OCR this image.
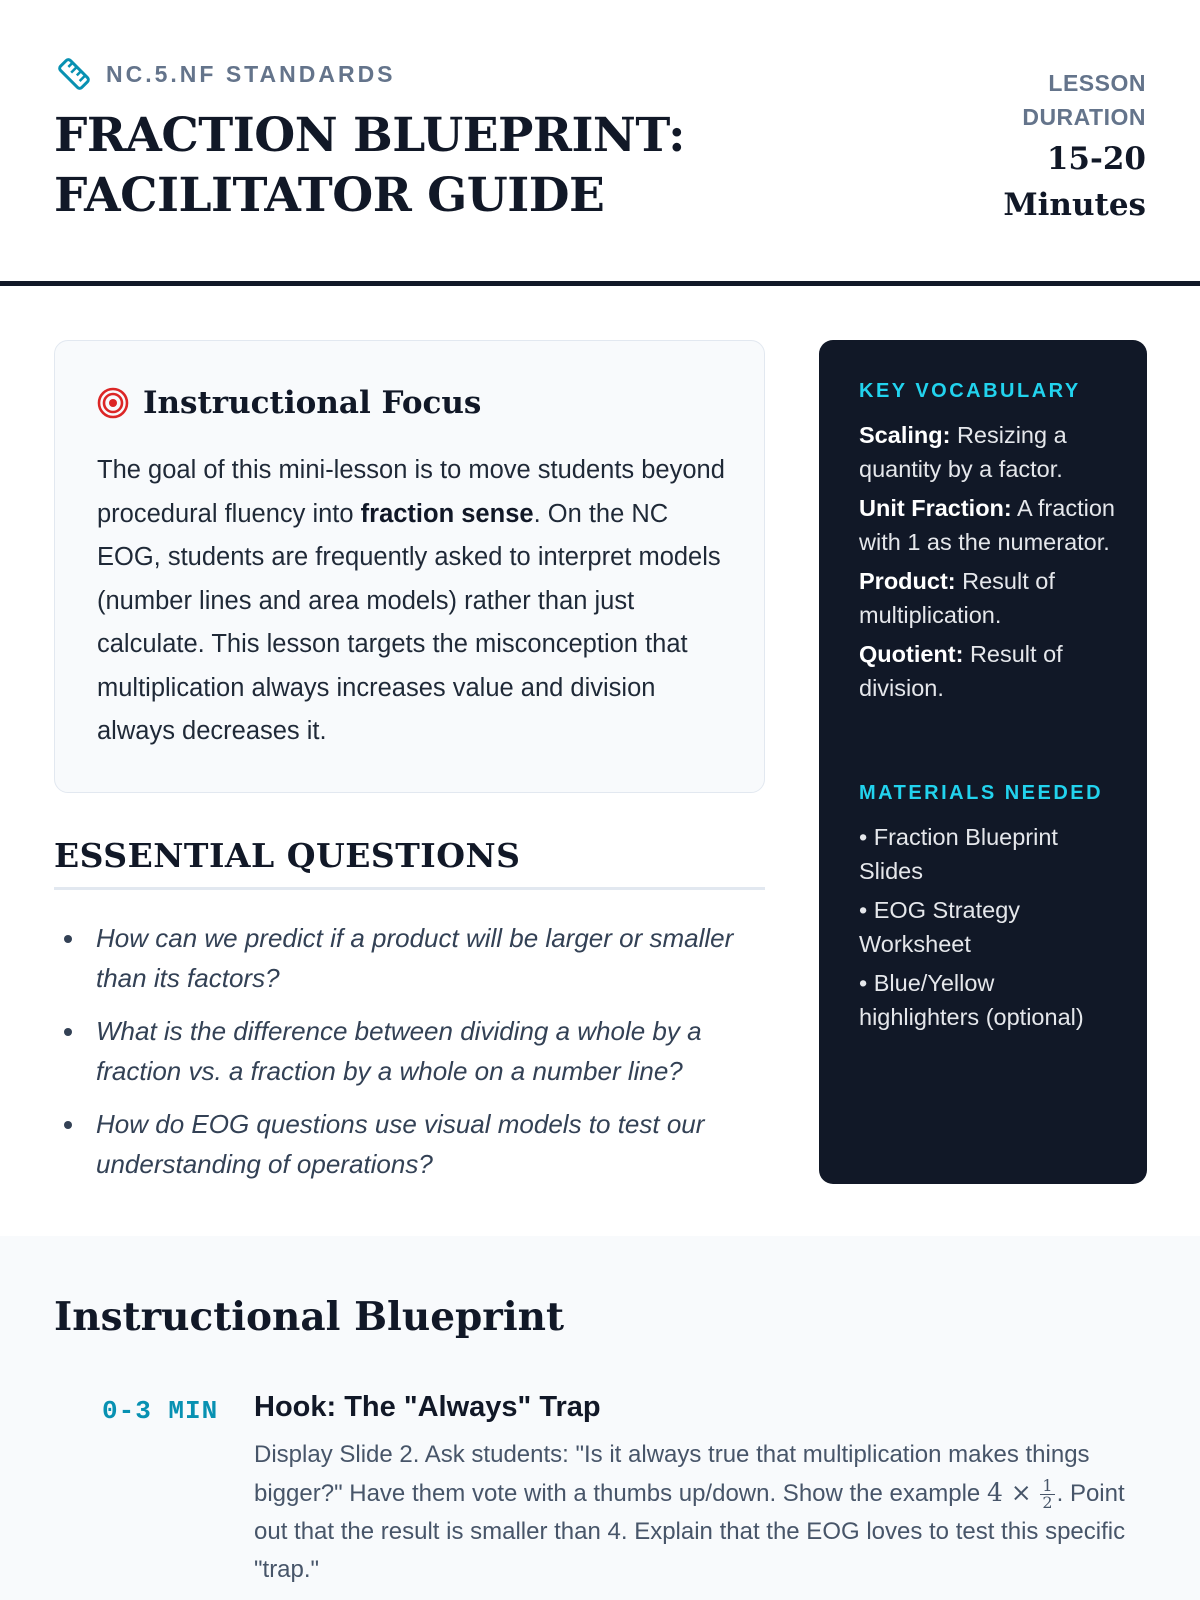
NC.5.NF STANDARDS
FRACTION BLUEPRINT: FACILITATOR GUIDE
LESSON
DURATION
15-20
Minutes
Instructional Focus

The goal of this mini-lesson is to move students beyond procedural fluency into fraction sense. On the NC EOG, students are frequently asked to interpret models (number lines and area models) rather than just calculate. This lesson targets the misconception that multiplication always increases value and division always decreases it.

ESSENTIAL QUESTIONS
How can we predict if a product will be larger or smaller than its factors?
What is the difference between dividing a whole by a fraction vs. a fraction by a whole on a number line?
How do EOG questions use visual models to test our understanding of operations?
KEY VOCABULARY
Scaling: Resizing a quantity by a factor.
Unit Fraction: A fraction with 1 as the numerator.
Product: Result of multiplication.
Quotient: Result of division.
MATERIALS NEEDED
• Fraction Blueprint Slides
• EOG Strategy Worksheet
• Blue/Yellow highlighters (optional)
Instructional Blueprint
0-3 MIN Hook: The "Always" Trap

Display Slide 2. Ask students: "Is it always true that multiplication makes things bigger?" Have them vote with a thumbs up/down. Show the example $4 \times \frac{1}{2}$ . Point out that the result is smaller than 4. Explain that the EOG loves to test this specific "trap."
